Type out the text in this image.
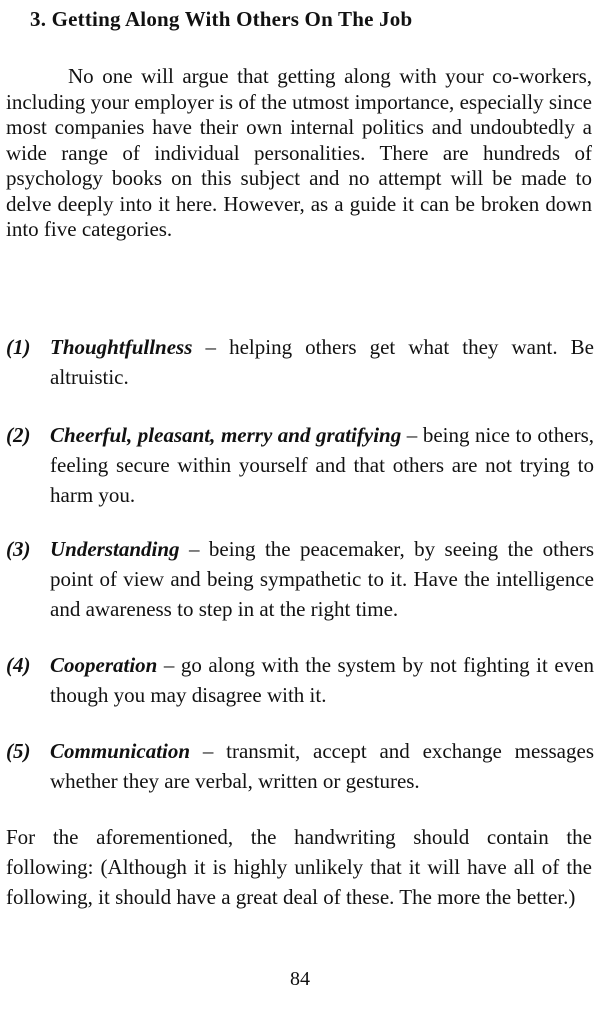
3. Getting Along With Others On The Job
No one will argue that getting along with your co-workers, including your employer is of the utmost importance, especially since most companies have their own internal politics and undoubtedly a wide range of individual personalities. There are hundreds of psychology books on this subject and no attempt will be made to delve deeply into it here. However, as a guide it can be broken down into five categories.
(1) Thoughtfullness – helping others get what they want. Be altruistic.
(2) Cheerful, pleasant, merry and gratifying – being nice to others, feeling secure within yourself and that others are not trying to harm you.
(3) Understanding – being the peacemaker, by seeing the others point of view and being sympathetic to it. Have the intelligence and awareness to step in at the right time.
(4) Cooperation – go along with the system by not fighting it even though you may disagree with it.
(5) Communication – transmit, accept and exchange messages whether they are verbal, written or gestures.
For the aforementioned, the handwriting should contain the following: (Although it is highly unlikely that it will have all of the following, it should have a great deal of these. The more the better.)
84
